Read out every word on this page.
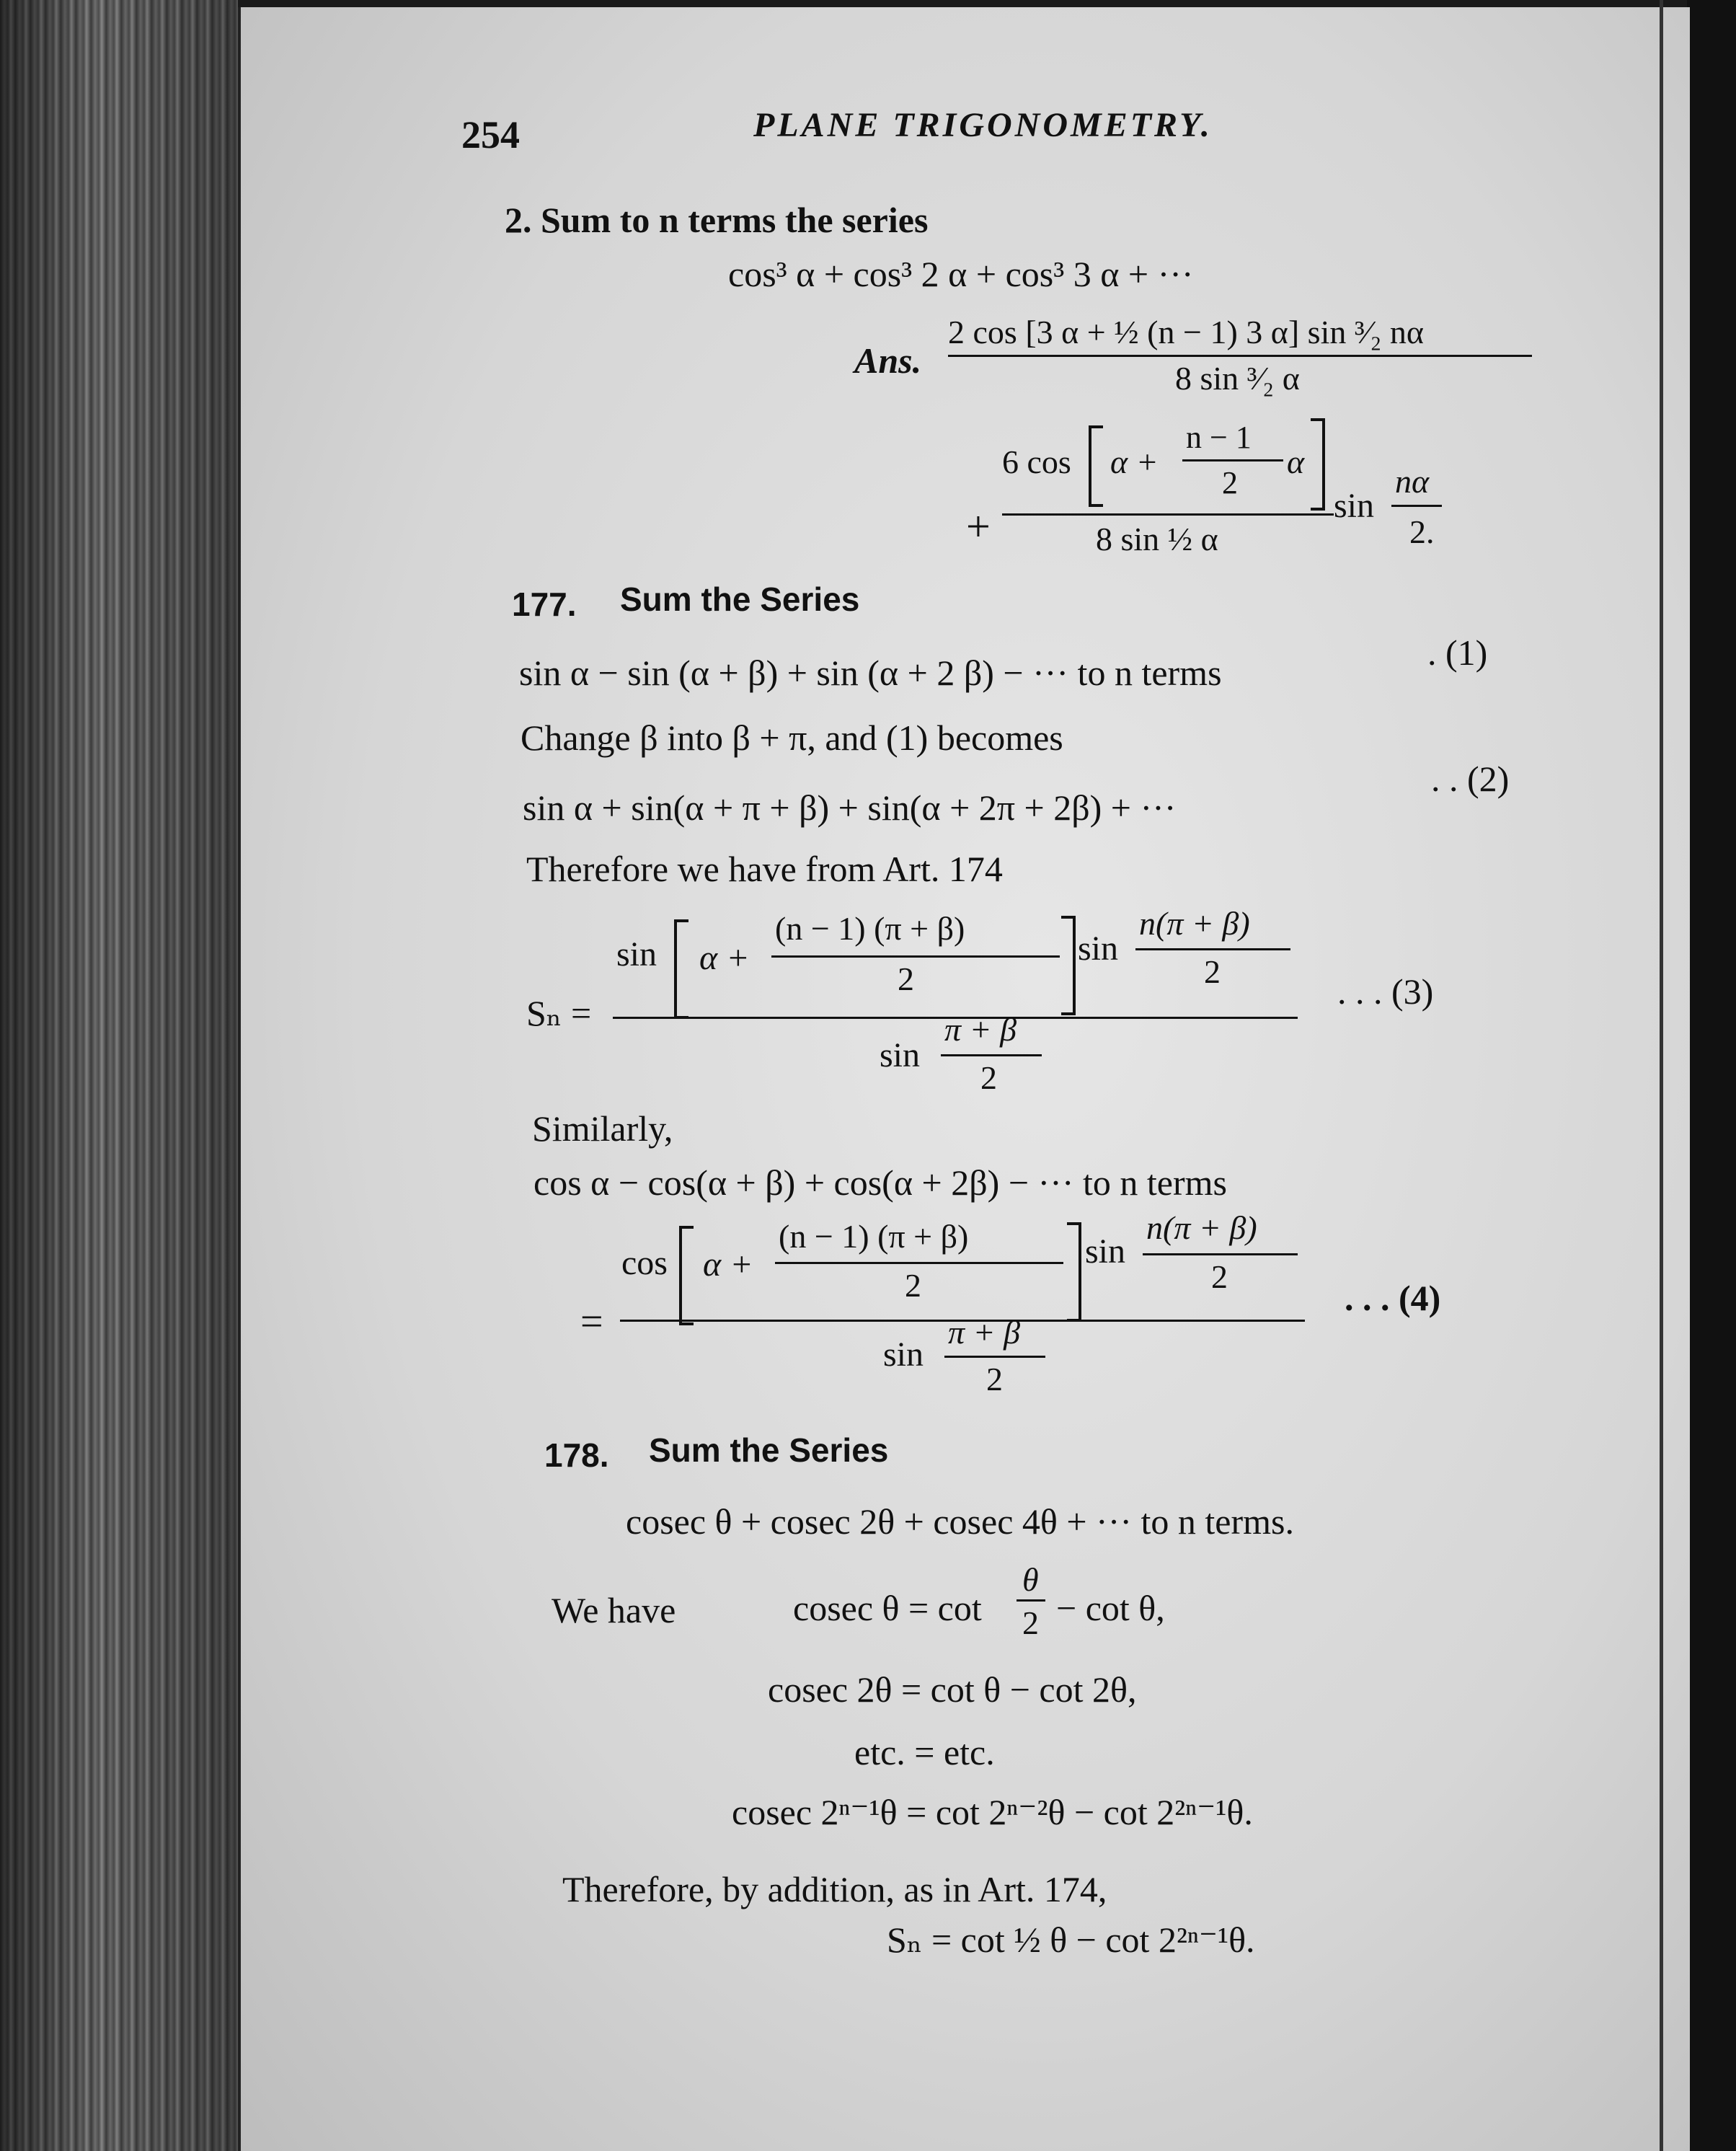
254	PLANE TRIGONOMETRY.
2. Sum to n terms the series
cos³ α + cos³ 2 α + cos³ 3 α + ···
Ans.
2 cos [3 α + ½ (n − 1) 3 α] sin ³⁄₂ nα
8 sin ³⁄₂ α
+
6 cos α +
n − 1
2
α
8 sin ½ α
sin
nα
2.
177. Sum the Series
sin α − sin (α + β) + sin (α + 2 β) − ··· to n terms	. (1)
Change β into β + π, and (1) becomes
sin α + sin(α + π + β) + sin(α + 2π + 2β) + ···
. . (2)
Therefore we have from Art. 174
Sₙ =
sin α +
(n − 1) (π + β)
2
sin
n(π + β)
2
sin
π + β
2
. . . (3)
Similarly,
cos α − cos(α + β) + cos(α + 2β) − ··· to n terms
=
cos α +
(n − 1) (π + β)
2
sin
n(π + β)
2
sin
π + β
2
. . . (4)
178. Sum the Series
cosec θ + cosec 2θ + cosec 4θ + ··· to n terms.
We have	cosec θ = cot
θ
2 − cot θ,
cosec 2θ = cot θ − cot 2θ,
etc. = etc.
cosec 2ⁿ⁻¹θ = cot 2ⁿ⁻²θ − cot 2²ⁿ⁻¹θ.
Therefore, by addition, as in Art. 174,
Sₙ = cot ½ θ − cot 2²ⁿ⁻¹θ.
